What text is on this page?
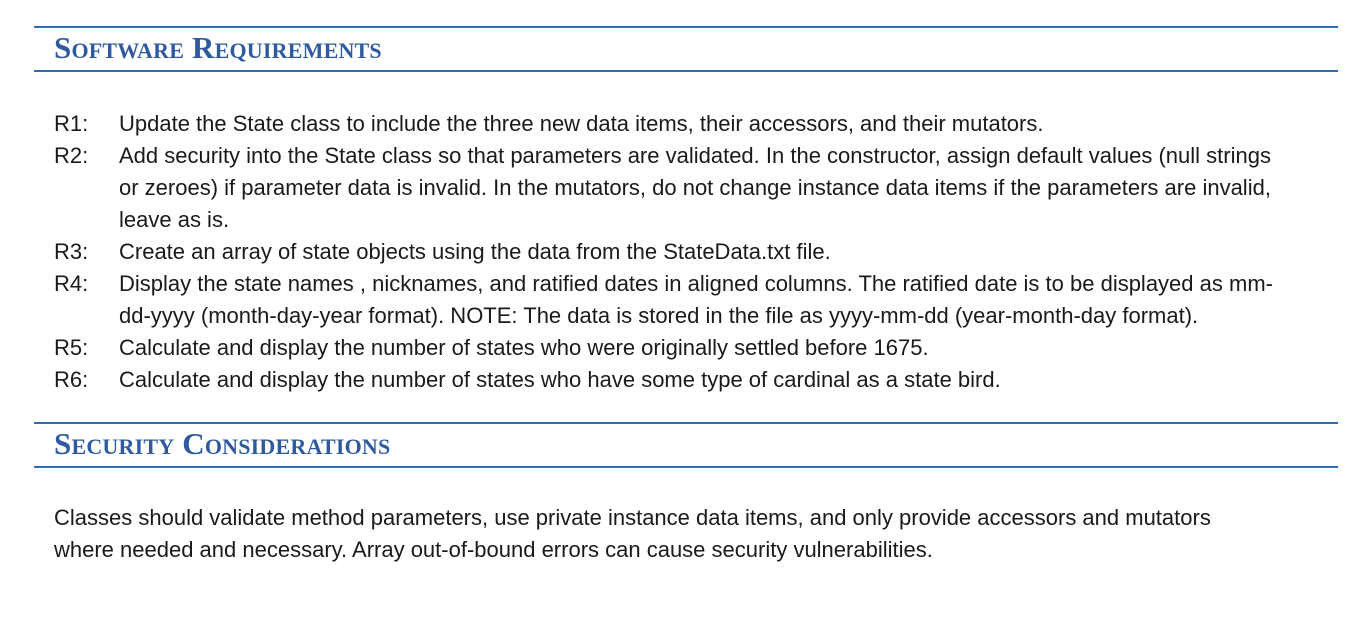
Software Requirements
R1:	Update the State class to include the three new data items, their accessors, and their mutators.
R2:	Add security into the State class so that parameters are validated. In the constructor, assign default values (null strings or zeroes) if parameter data is invalid. In the mutators, do not change instance data items if the parameters are invalid, leave as is.
R3:	Create an array of state objects using the data from the StateData.txt file.
R4:	Display the state names , nicknames, and ratified dates in aligned columns. The ratified date is to be displayed as mm-dd-yyyy (month-day-year format). NOTE: The data is stored in the file as yyyy-mm-dd (year-month-day format).
R5:	Calculate and display the number of states who were originally settled before 1675.
R6:	Calculate and display the number of states who have some type of cardinal as a state bird.
Security Considerations

Classes should validate method parameters, use private instance data items, and only provide accessors and mutators where needed and necessary. Array out-of-bound errors can cause security vulnerabilities.
